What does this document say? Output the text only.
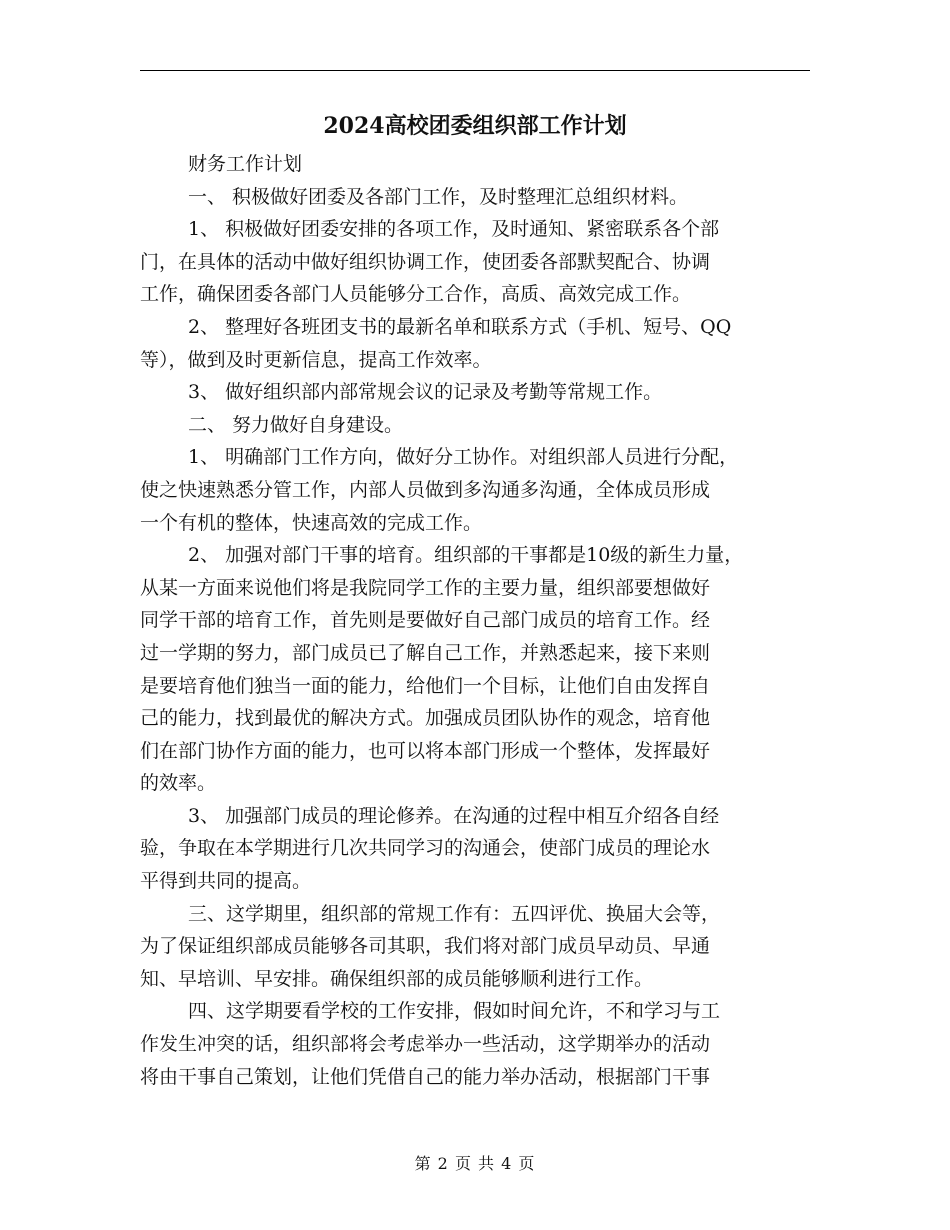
2024高校团委组织部工作计划
财务工作计划
一、 积极做好团委及各部门工作，及时整理汇总组织材料。
1、 积极做好团委安排的各项工作，及时通知、紧密联系各个部
门，在具体的活动中做好组织协调工作，使团委各部默契配合、协调
工作，确保团委各部门人员能够分工合作，高质、高效完成工作。
2、 整理好各班团支书的最新名单和联系方式（手机、短号、QQ
等），做到及时更新信息，提高工作效率。
3、 做好组织部内部常规会议的记录及考勤等常规工作。
二、 努力做好自身建设。
1、 明确部门工作方向，做好分工协作。对组织部人员进行分配，
使之快速熟悉分管工作，内部人员做到多沟通多沟通，全体成员形成
一个有机的整体，快速高效的完成工作。
2、 加强对部门干事的培育。组织部的干事都是10级的新生力量，
从某一方面来说他们将是我院同学工作的主要力量，组织部要想做好
同学干部的培育工作，首先则是要做好自己部门成员的培育工作。经
过一学期的努力，部门成员已了解自己工作，并熟悉起来，接下来则
是要培育他们独当一面的能力，给他们一个目标，让他们自由发挥自
己的能力，找到最优的解决方式。加强成员团队协作的观念，培育他
们在部门协作方面的能力，也可以将本部门形成一个整体，发挥最好
的效率。
3、 加强部门成员的理论修养。在沟通的过程中相互介绍各自经
验，争取在本学期进行几次共同学习的沟通会，使部门成员的理论水
平得到共同的提高。
三、这学期里，组织部的常规工作有：五四评优、换届大会等，
为了保证组织部成员能够各司其职，我们将对部门成员早动员、早通
知、早培训、早安排。确保组织部的成员能够顺利进行工作。
四、这学期要看学校的工作安排，假如时间允许，不和学习与工
作发生冲突的话，组织部将会考虑举办一些活动，这学期举办的活动
将由干事自己策划，让他们凭借自己的能力举办活动，根据部门干事
第 2 页 共 4 页
